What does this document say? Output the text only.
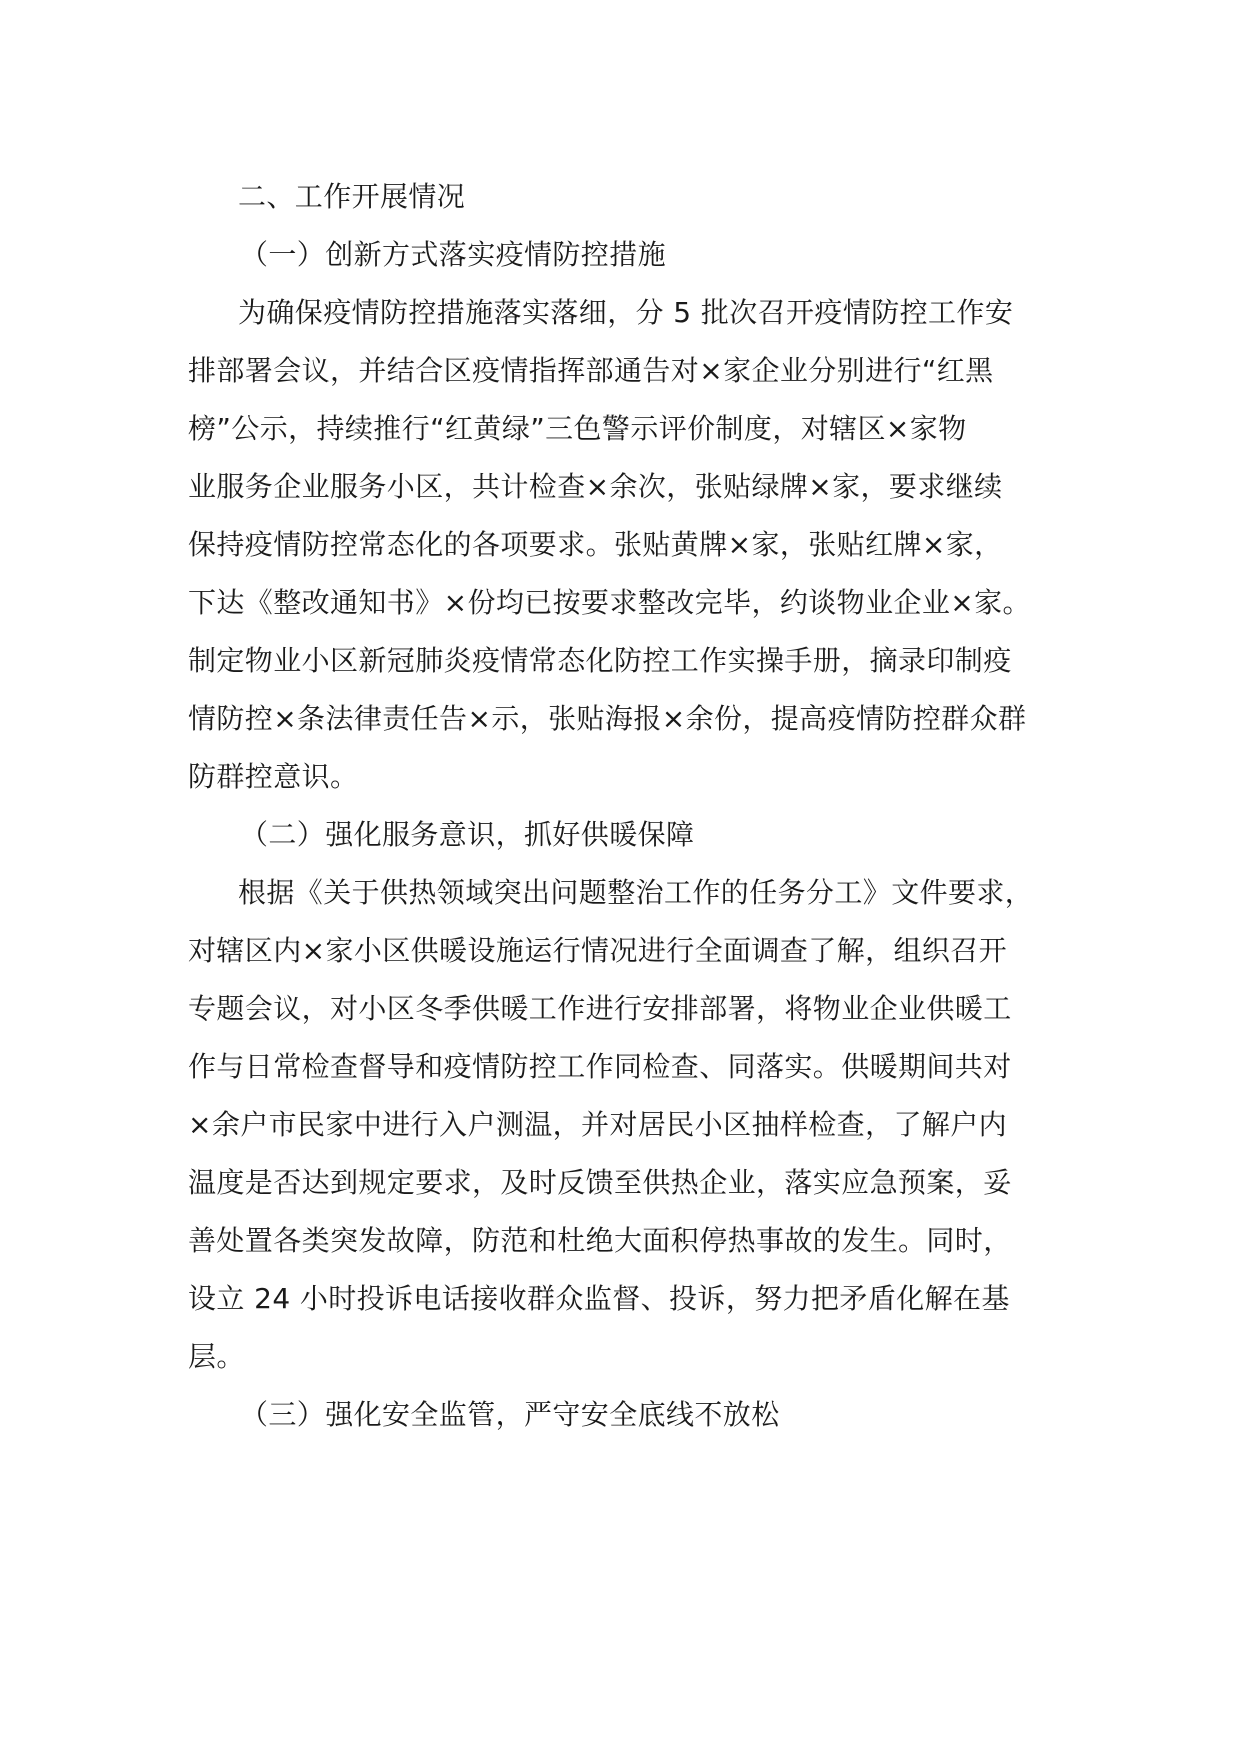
二、工作开展情况

（一）创新方式落实疫情防控措施

为确保疫情防控措施落实落细，分 5 批次召开疫情防控工作安

排部署会议，并结合区疫情指挥部通告对×家企业分别进行“红黑

榜”公示，持续推行“红黄绿”三色警示评价制度，对辖区×家物

业服务企业服务小区，共计检查×余次，张贴绿牌×家，要求继续

保持疫情防控常态化的各项要求。张贴黄牌×家，张贴红牌×家，

下达《整改通知书》×份均已按要求整改完毕，约谈物业企业×家。

制定物业小区新冠肺炎疫情常态化防控工作实操手册，摘录印制疫

情防控×条法律责任告×示，张贴海报×余份，提高疫情防控群众群

防群控意识。

（二）强化服务意识，抓好供暖保障

根据《关于供热领域突出问题整治工作的任务分工》文件要求，

对辖区内×家小区供暖设施运行情况进行全面调查了解，组织召开

专题会议，对小区冬季供暖工作进行安排部署，将物业企业供暖工

作与日常检查督导和疫情防控工作同检查、同落实。供暖期间共对

×余户市民家中进行入户测温，并对居民小区抽样检查，了解户内

温度是否达到规定要求，及时反馈至供热企业，落实应急预案，妥

善处置各类突发故障，防范和杜绝大面积停热事故的发生。同时，

设立 24 小时投诉电话接收群众监督、投诉，努力把矛盾化解在基

层。

（三）强化安全监管，严守安全底线不放松
